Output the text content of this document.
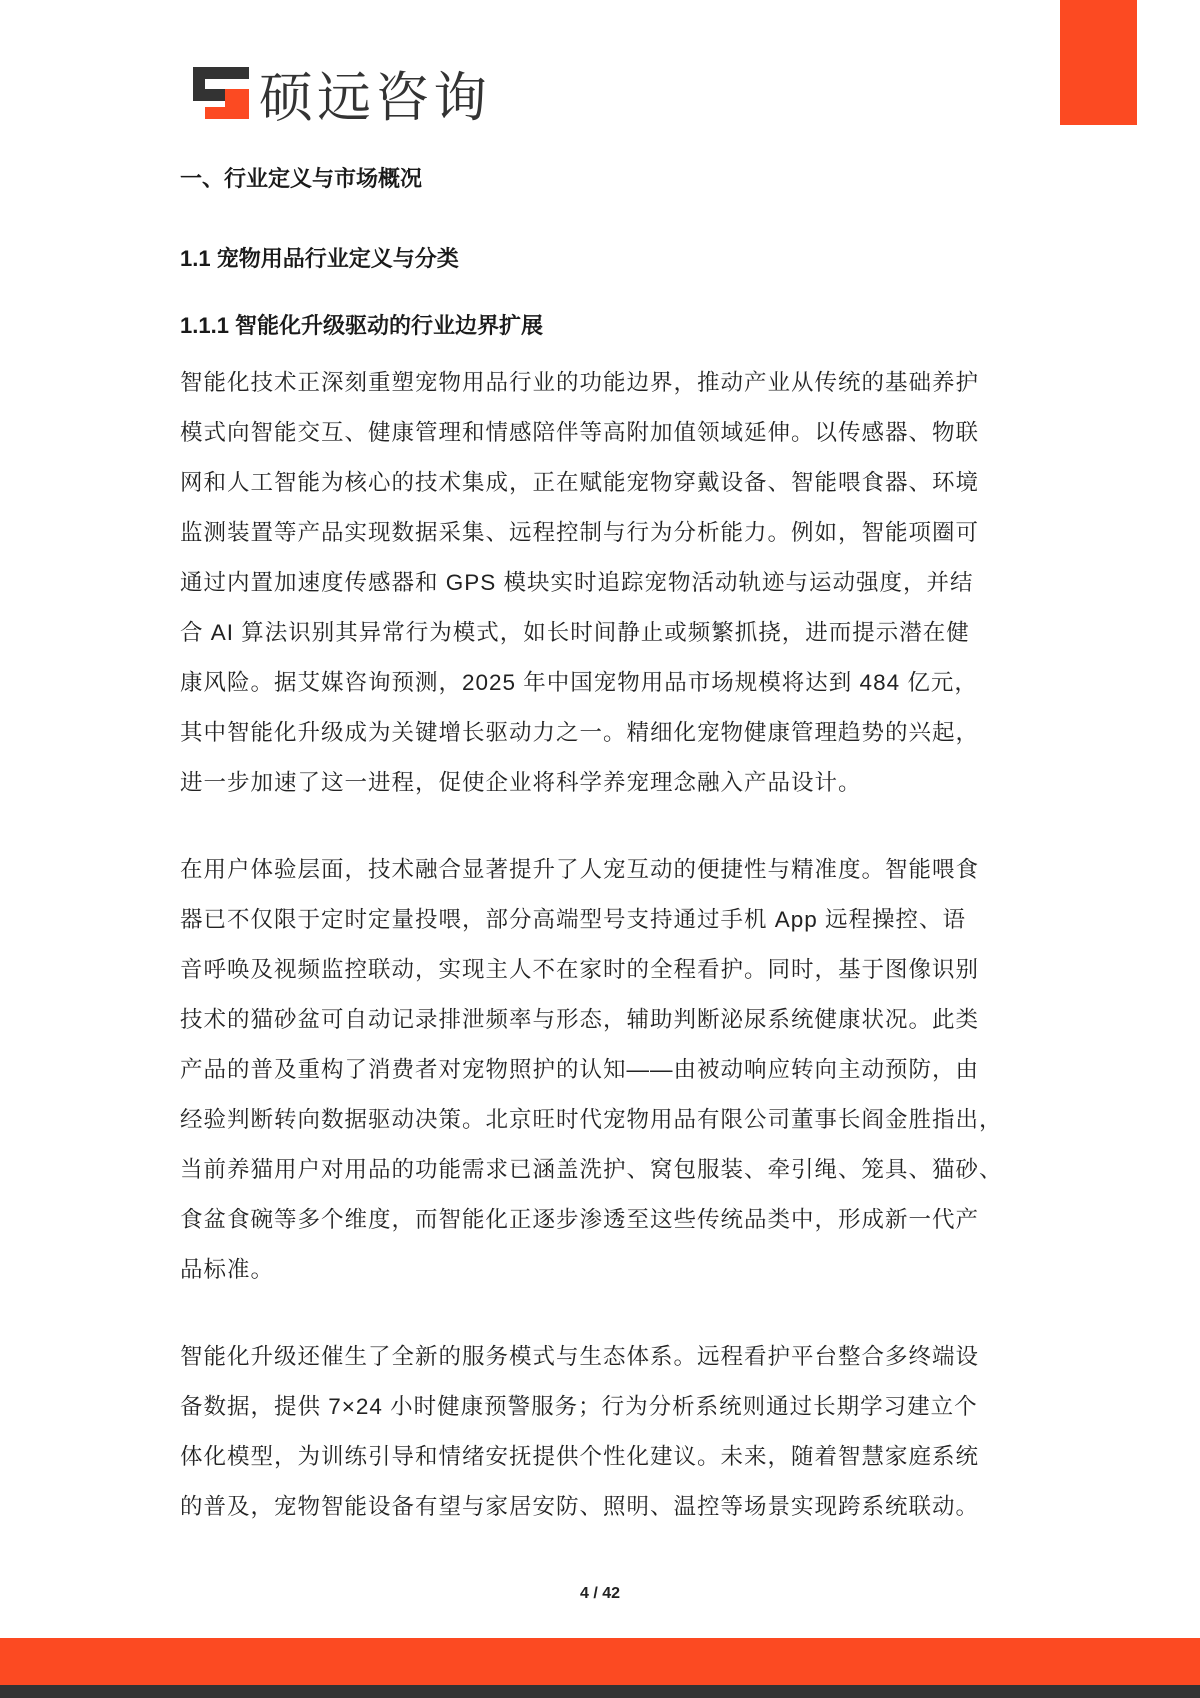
硕远咨询
一、行业定义与市场概况
1.1 宠物用品行业定义与分类
1.1.1 智能化升级驱动的行业边界扩展
智能化技术正深刻重塑宠物用品行业的功能边界，推动产业从传统的基础养护
模式向智能交互、健康管理和情感陪伴等高附加值领域延伸。以传感器、物联
网和人工智能为核心的技术集成，正在赋能宠物穿戴设备、智能喂食器、环境
监测装置等产品实现数据采集、远程控制与行为分析能力。例如，智能项圈可
通过内置加速度传感器和 GPS 模块实时追踪宠物活动轨迹与运动强度，并结
合 AI 算法识别其异常行为模式，如长时间静止或频繁抓挠，进而提示潜在健
康风险。据艾媒咨询预测，2025 年中国宠物用品市场规模将达到 484 亿元，
其中智能化升级成为关键增长驱动力之一。精细化宠物健康管理趋势的兴起，
进一步加速了这一进程，促使企业将科学养宠理念融入产品设计。
在用户体验层面，技术融合显著提升了人宠互动的便捷性与精准度。智能喂食
器已不仅限于定时定量投喂，部分高端型号支持通过手机 App 远程操控、语
音呼唤及视频监控联动，实现主人不在家时的全程看护。同时，基于图像识别
技术的猫砂盆可自动记录排泄频率与形态，辅助判断泌尿系统健康状况。此类
产品的普及重构了消费者对宠物照护的认知——由被动响应转向主动预防，由
经验判断转向数据驱动决策。北京旺时代宠物用品有限公司董事长阎金胜指出，
当前养猫用户对用品的功能需求已涵盖洗护、窝包服装、牵引绳、笼具、猫砂、
食盆食碗等多个维度，而智能化正逐步渗透至这些传统品类中，形成新一代产
品标准。
智能化升级还催生了全新的服务模式与生态体系。远程看护平台整合多终端设
备数据，提供 7×24 小时健康预警服务；行为分析系统则通过长期学习建立个
体化模型，为训练引导和情绪安抚提供个性化建议。未来，随着智慧家庭系统
的普及，宠物智能设备有望与家居安防、照明、温控等场景实现跨系统联动。
4 / 42
